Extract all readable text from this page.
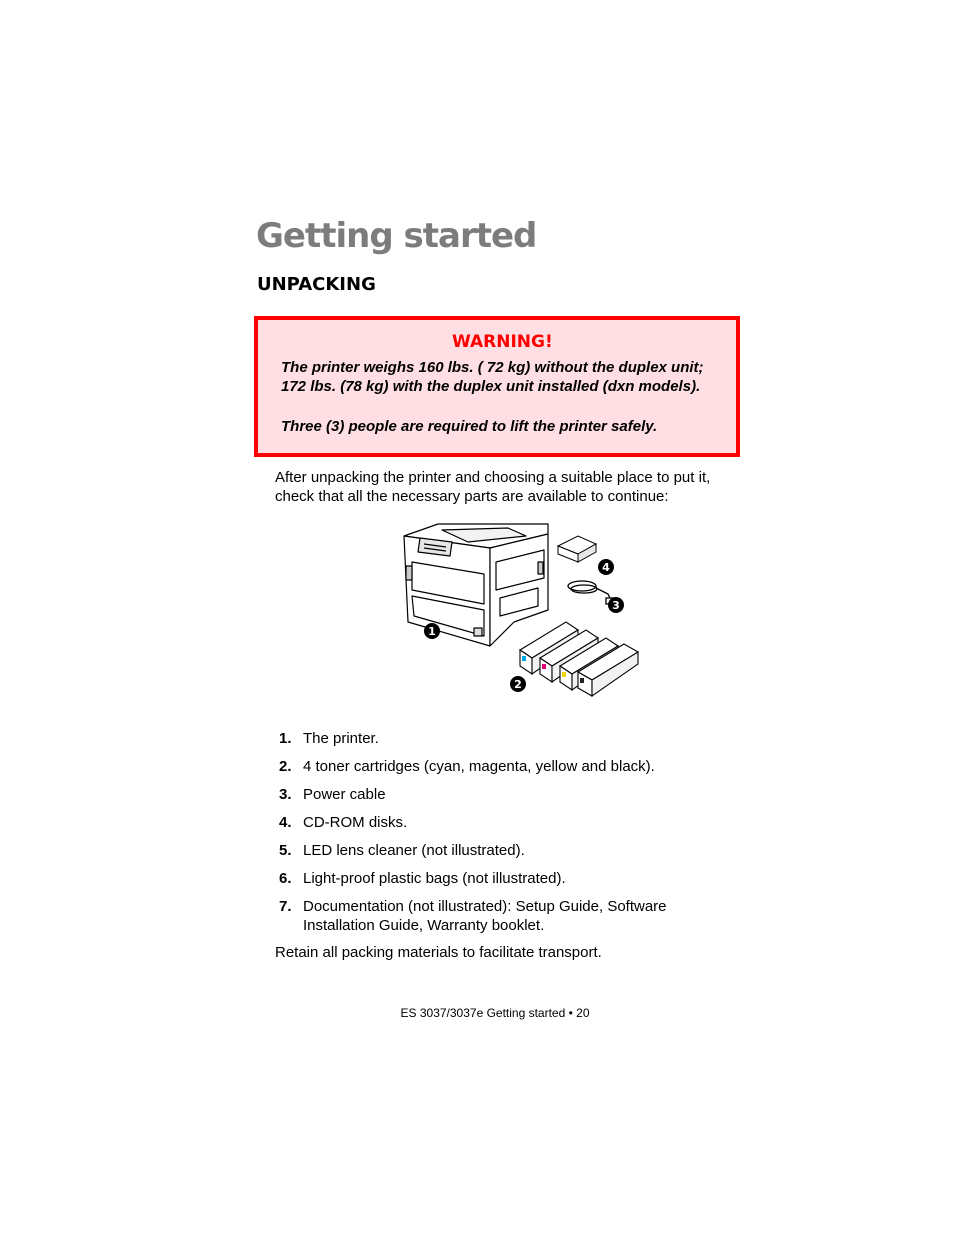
Getting started
UNPACKING

WARNING!

The printer weighs 160 lbs. ( 72 kg) without the duplex unit; 172 lbs. (78 kg) with the duplex unit installed (dxn models).

Three (3) people are required to lift the printer safely.

After unpacking the printer and choosing a suitable place to put it, check that all the necessary parts are available to continue:

1
2
3
4
1. The printer.
2. 4 toner cartridges (cyan, magenta, yellow and black).
3. Power cable
4. CD-ROM disks.
5. LED lens cleaner (not illustrated).
6. Light-proof plastic bags (not illustrated).
7. Documentation (not illustrated): Setup Guide, Software Installation Guide, Warranty booklet.

Retain all packing materials to facilitate transport.

ES 3037/3037e Getting started • 20
